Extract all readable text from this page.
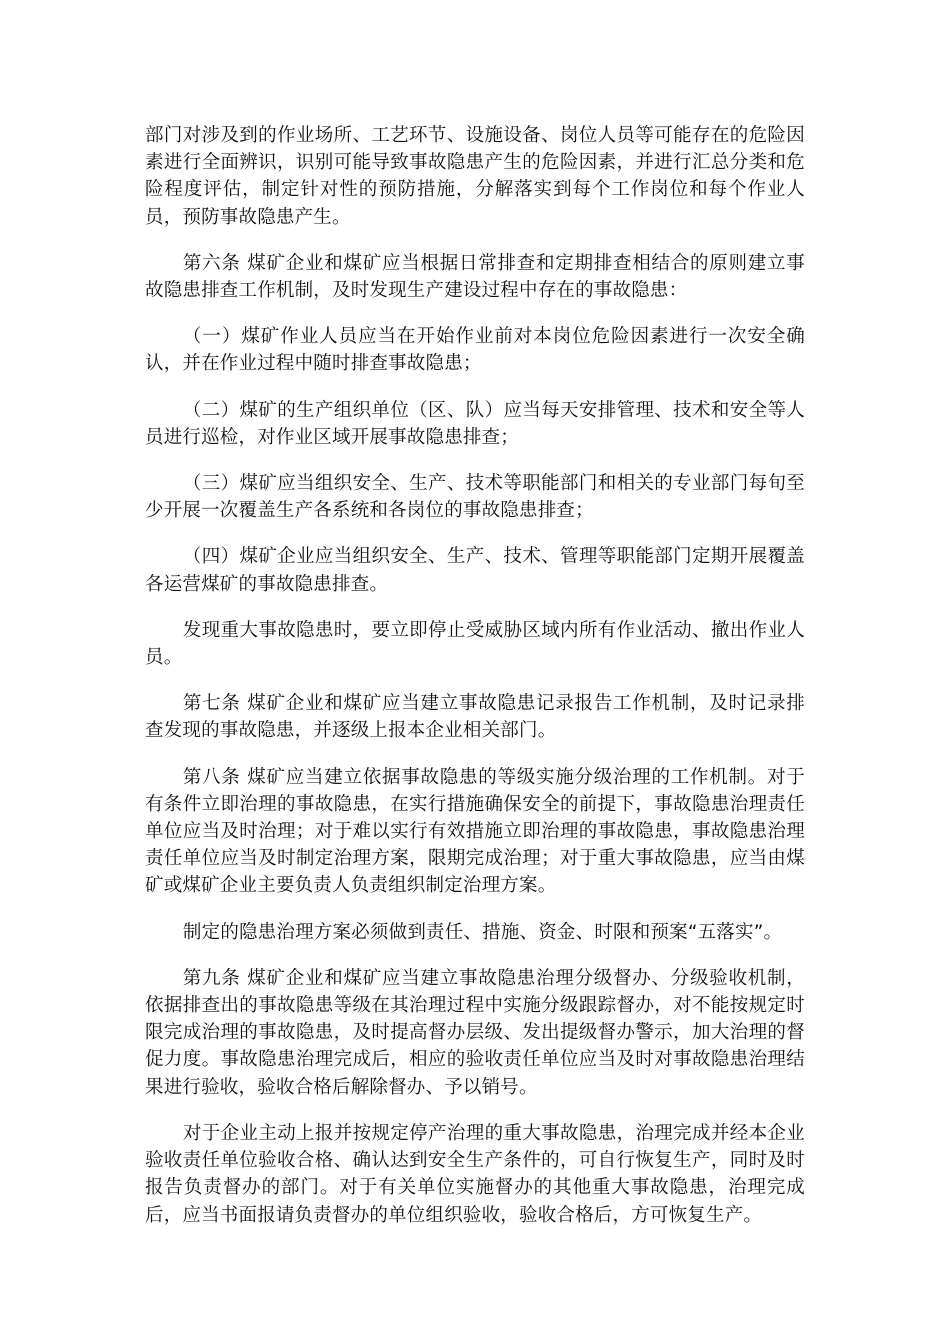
部门对涉及到的作业场所、工艺环节、设施设备、岗位人员等可能存在的危险因素进行全面辨识，识别可能导致事故隐患产生的危险因素，并进行汇总分类和危险程度评估，制定针对性的预防措施，分解落实到每个工作岗位和每个作业人员，预防事故隐患产生。

第六条 煤矿企业和煤矿应当根据日常排查和定期排查相结合的原则建立事故隐患排查工作机制，及时发现生产建设过程中存在的事故隐患：

（一）煤矿作业人员应当在开始作业前对本岗位危险因素进行一次安全确认，并在作业过程中随时排查事故隐患；

（二）煤矿的生产组织单位（区、队）应当每天安排管理、技术和安全等人员进行巡检，对作业区域开展事故隐患排查；

（三）煤矿应当组织安全、生产、技术等职能部门和相关的专业部门每旬至少开展一次覆盖生产各系统和各岗位的事故隐患排查；

（四）煤矿企业应当组织安全、生产、技术、管理等职能部门定期开展覆盖各运营煤矿的事故隐患排查。

发现重大事故隐患时，要立即停止受威胁区域内所有作业活动、撤出作业人员。

第七条 煤矿企业和煤矿应当建立事故隐患记录报告工作机制，及时记录排查发现的事故隐患，并逐级上报本企业相关部门。

第八条 煤矿应当建立依据事故隐患的等级实施分级治理的工作机制。对于有条件立即治理的事故隐患，在实行措施确保安全的前提下，事故隐患治理责任单位应当及时治理；对于难以实行有效措施立即治理的事故隐患，事故隐患治理责任单位应当及时制定治理方案，限期完成治理；对于重大事故隐患，应当由煤矿或煤矿企业主要负责人负责组织制定治理方案。

制定的隐患治理方案必须做到责任、措施、资金、时限和预案“五落实”。

第九条 煤矿企业和煤矿应当建立事故隐患治理分级督办、分级验收机制，依据排查出的事故隐患等级在其治理过程中实施分级跟踪督办，对不能按规定时限完成治理的事故隐患，及时提高督办层级、发出提级督办警示，加大治理的督促力度。事故隐患治理完成后，相应的验收责任单位应当及时对事故隐患治理结果进行验收，验收合格后解除督办、予以销号。

对于企业主动上报并按规定停产治理的重大事故隐患，治理完成并经本企业验收责任单位验收合格、确认达到安全生产条件的，可自行恢复生产，同时及时报告负责督办的部门。对于有关单位实施督办的其他重大事故隐患，治理完成后，应当书面报请负责督办的单位组织验收，验收合格后，方可恢复生产。
